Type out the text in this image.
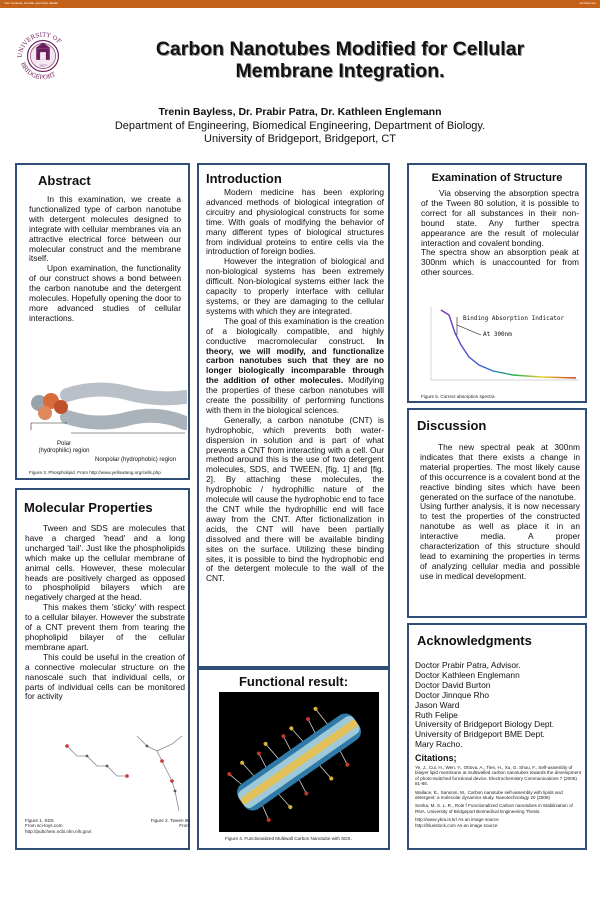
Your contents, formats, and other details	acrobat.com
1927
UNIVERSITY OF
BRIDGEPORT
Carbon Nanotubes Modified for Cellular
Membrane Integration.
Trenin Bayless, Dr. Prabir Patra, Dr. Kathleen Englemann
Department of Engineering, Biomedical Engineering, Department of Biology.
University of Bridgeport, Bridgeport, CT
Abstract

In this examination, we create a functionalized type of carbon nanotube with detergent molecules designed to integrate with cellular membranes via an attractive electrical force between our molecular construct and the membrane itself.

Upon examination, the functionality of our construct shows a bond between the carbon nanotube and the detergent molecules. Hopefully opening the door to more advanced studies of cellular interactions.

Polar
(hydrophilic) region
Nonpolar (hydrophobic) region
Figure 3. Phospholipid. From http://www.yellowtang.org/cells.php
Molecular Properties

Tween and SDS are molecules that have a charged 'head' and a long uncharged 'tail'. Just like the phospholipids which make up the cellular membrane of animal cells. However, these molecular heads are positively charged as opposed to phospholipid bilayers which are negatively charged at the head.

This makes them 'sticky' with respect to a cellular bilayer. However the substrate of a CNT prevent them from tearing the phopholipid bilayer of the cellular membrane apart.

This could be useful in the creation of a connective molecular structure on the nanoscale such that individual cells, or parts of individual cells can be monitored for activity

Figure 1. SDS	Figure 2. Tween 80
From sci-toys.com	From
http://pubchem.ncbi.nlm.nih.gov/.
Introduction

Modern medicine has been exploring advanced methods of biological integration of circuitry and physiological constructs for some time. With goals of modifying the behavior of many different types of biological structures from individual proteins to entire cells via the introduction of foreign bodies.

However the integration of biological and non-biological systems has been extremely difficult. Non-biological systems either lack the capacity to properly interface with cellular systems, or they are damaging to the cellular systems with which they are integrated.

The goal of this examination is the creation of a biologically compatible, and highly conductive macromolecular construct. In theory, we will modify, and functionalize carbon nanotubes such that they are no longer biologically incomparable through the addition of other molecules. Modifying the properties of these carbon nanotubes will create the possibility of performing functions with them in the biological sciences.

Generally, a carbon nanotube (CNT) is hydrophobic, which prevents both water-dispersion in solution and is part of what prevents a CNT from interacting with a cell. Our method around this is the use of two detergent molecules, SDS, and TWEEN, [fig. 1] and [fig. 2]. By attaching these molecules, the hydrophobic / hydrophillic nature of the molecule will cause the hydrophobic end to face the CNT while the hydrophillic end will face away from the CNT. After fictionalization in acids, the CNT will have been partially dissolved and there will be available binding sites on the surface. Utilizing these binding sites, it is possible to bind the hydrophobic end of the detergent molecule to the wall of the CNT.

Functional result:
Figure 4. Functionalized Multiwall Carbon Nanotube with SDS.
Examination of Structure

Via observing the absorption spectra of the Tween 80 solution, it is possible to correct for all substances in their non-bound state. Any further spectra appearance are the result of molecular interaction and covalent bonding.

The spectra show an absorption peak at 300nm which is unaccounted for from other sources.

Binding Absorption Indicator
At 300nm
Figure 5. Correct absorption spectra
Discussion

The new spectral peak at 300nm indicates that there exists a change in material properties. The most likely cause of this occurrence is a covalent bond at the reactive binding sites which have been generated on the surface of the nanotube.

Using further analysis, it is now necessary to test the properties of the constructed nanotube as well as place it in an interactive media. A proper characterization of this structure should lead to examining the properties in terms of analyzing cellular media and possible use in medical development.

Acknowledgments
Doctor Prabir Patra, Advisor.
Doctor Kathleen Englemann
Doctor David Burton
Doctor Jinnque Rho
Jason Ward
Ruth Felipe
University of Bridgeport Biology Dept.
University of Bridgeport BME Dept.
Mary Racho.
Citations;

Ye, J., Cui, H., Wen, Y., Ottova, A., Tien, H., Xu, G. Shou, F., Self-assembly of bilayer lipid membrane at multiwalled carbon nanotubes towards the development of photo-switched functional device. Electrochemistry Communications 7 (2005) 81-86.

Wallace, E., Sansom, M., Carbon nanotube self-assembly with lipids and detergent: a molecular dynamics study. Nanotechnology 20 (2009)

Senka, M. S. L. R., Role f Functionalized Carbon nanotubes in Stabilization of RNA. University of Bridgeport Biomedical Engineering Thesis.

http://www.ykra.is.kr/ As an image source

http://bluestock.com As an image source
